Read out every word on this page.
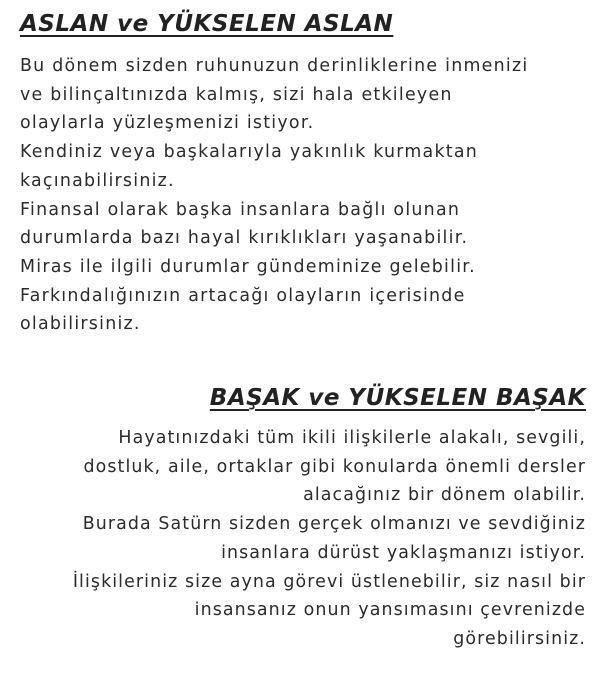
ASLAN ve YÜKSELEN ASLAN
Bu dönem sizden ruhunuzun derinliklerine inmenizi
ve bilinçaltınızda kalmış, sizi hala etkileyen
olaylarla yüzleşmenizi istiyor.
Kendiniz veya başkalarıyla yakınlık kurmaktan
kaçınabilirsiniz.
Finansal olarak başka insanlara bağlı olunan
durumlarda bazı hayal kırıklıkları yaşanabilir.
Miras ile ilgili durumlar gündeminize gelebilir.
Farkındalığınızın artacağı olayların içerisinde
olabilirsiniz.
BAŞAK ve YÜKSELEN BAŞAK
Hayatınızdaki tüm ikili ilişkilerle alakalı, sevgili,
dostluk, aile, ortaklar gibi konularda önemli dersler
alacağınız bir dönem olabilir.
Burada Satürn sizden gerçek olmanızı ve sevdiğiniz
insanlara dürüst yaklaşmanızı istiyor.
İlişkileriniz size ayna görevi üstlenebilir, siz nasıl bir
insansanız onun yansımasını çevrenizde
görebilirsiniz.
